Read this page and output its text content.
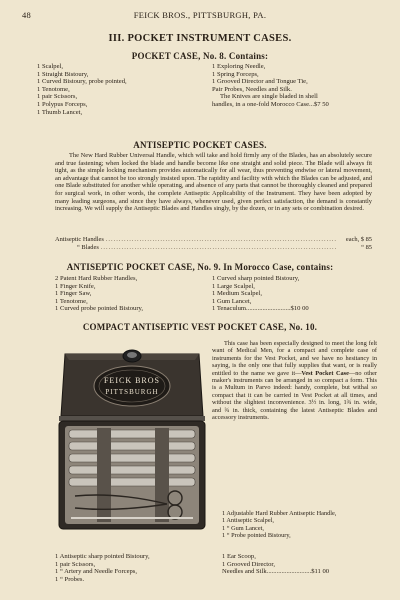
48	FEICK BROS., PITTSBURGH, PA.
III. POCKET INSTRUMENT CASES.
POCKET CASE, No. 8. Contains:
1 Scalpel,
1 Straight Bistoury,
1 Curved Bistoury, probe pointed,
1 Tenotome,
1 pair Scissors,
1 Polypus Forceps,
1 Thumb Lancet,
1 Exploring Needle,
1 Spring Forceps,
1 Grooved Director and Tongue Tie,
Pair Probes, Needles and Silk.
The Knives are single bladed in shell
handles, in a one-fold Morocco Case...$7 50
ANTISEPTIC POCKET CASES.
The New Hard Rubber Universal Handle, which will take and hold firmly any of the Blades, has an absolutely secure and true fastening; when locked the blade and handle become like one straight and solid piece. The Blade will always fit tight, as the simple locking mechanism provides automatically for all wear, thus preventing endwise or lateral movement, an advantage that cannot be too strongly insisted upon. The rapidity and facility with which the Blades can be adjusted, and one Blade substituted for another while operating, and absence of any parts that cannot be thoroughly cleaned and prepared for surgical work, in other words, the complete Antiseptic Applicability of the Instrument. They have been adopted by many leading surgeons, and since they have always, whenever used, given perfect satisfaction, the demand is constantly increasing. We will supply the Antiseptic Blades and Handles singly, by the dozen, or in any sets or combination desired.
Antiseptic Handles .....	each, $ 85
“ Blades .....	“ 85
ANTISEPTIC POCKET CASE, No. 9. In Morocco Case, contains:
2 Patent Hard Rubber Handles,
1 Finger Knife,
1 Finger Saw,
1 Tenotome,
1 Curved probe pointed Bistoury,
1 Curved sharp pointed Bistoury,
1 Large Scalpel,
1 Medium Scalpel,
1 Gum Lancet,
1 Tenaculum...........................$10 00
COMPACT ANTISEPTIC VEST POCKET CASE, No. 10.
FEICK BROS
PITTSBURGH
This case has been especially designed to meet the long felt want of Medical Men, for a compact and complete case of instruments for the Vest Pocket, and we have no hesitancy in saying, is the only one that fully supplies that want, or is really entitled to the name we gave it—Vest Pocket Case—no other maker's instruments can be arranged in so compact a form. This is a Multum in Parvo indeed: handy, complete, but withal so compact that it can be carried in Vest Pocket at all times, and without the slightest inconvenience. 3½ in. long, 1¾ in. wide, and ¾ in. thick, containing the latest Antiseptic Blades and accessory instruments.
1 Adjustable Hard Rubber Antiseptic Handle,
1 Antiseptic Scalpel,
1 “ Gum Lancet,
1 “ Probe pointed Bistoury,
1 Antiseptic sharp pointed Bistoury,
1 pair Scissors,
1 “ Artery and Needle Forceps,
1 “ Probes.
1 Ear Scoop,
1 Grooved Director,
Needles and Silk...........................$11 00
